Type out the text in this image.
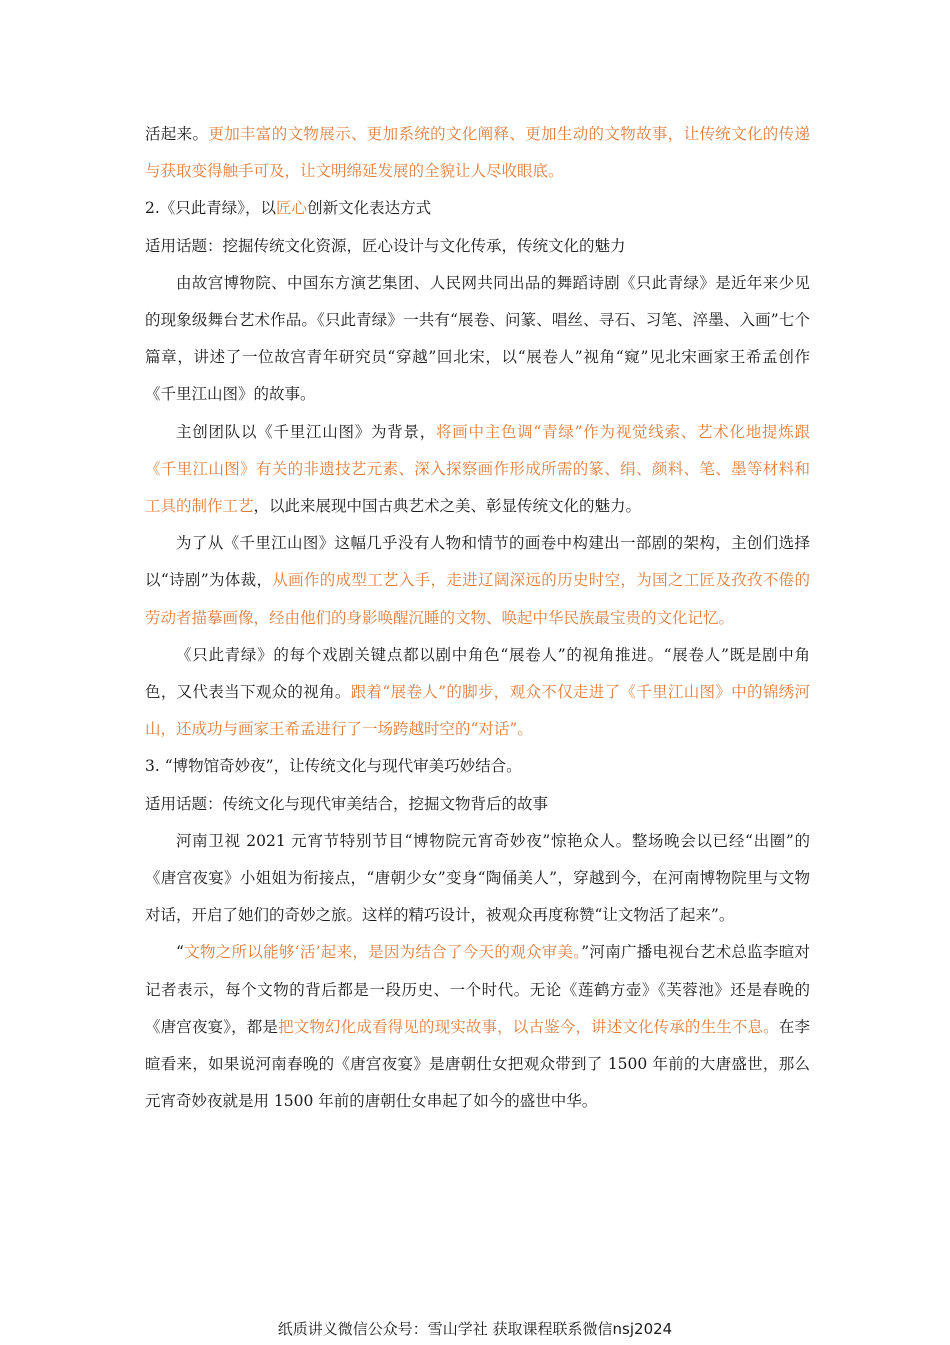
活起来。更加丰富的文物展示、更加系统的文化阐释、更加生动的文物故事，让传统文化的传递与获取变得触手可及，让文明绵延发展的全貌让人尽收眼底。

2.《只此青绿》，以匠心创新文化表达方式

适用话题：挖掘传统文化资源，匠心设计与文化传承，传统文化的魅力

由故宫博物院、中国东方演艺集团、人民网共同出品的舞蹈诗剧《只此青绿》是近年来少见的现象级舞台艺术作品。《只此青绿》一共有“展卷、问篆、唱丝、寻石、习笔、淬墨、入画”七个篇章，讲述了一位故宫青年研究员“穿越”回北宋，以“展卷人”视角“窥”见北宋画家王希孟创作《千里江山图》的故事。

主创团队以《千里江山图》为背景，将画中主色调“青绿”作为视觉线索、艺术化地提炼跟《千里江山图》有关的非遗技艺元素、深入探察画作形成所需的篆、绢、颜料、笔、墨等材料和工具的制作工艺，以此来展现中国古典艺术之美、彰显传统文化的魅力。

为了从《千里江山图》这幅几乎没有人物和情节的画卷中构建出一部剧的架构，主创们选择以“诗剧”为体裁，从画作的成型工艺入手，走进辽阔深远的历史时空，为国之工匠及孜孜不倦的劳动者描摹画像，经由他们的身影唤醒沉睡的文物、唤起中华民族最宝贵的文化记忆。

《只此青绿》的每个戏剧关键点都以剧中角色“展卷人”的视角推进。“展卷人”既是剧中角色，又代表当下观众的视角。跟着“展卷人”的脚步，观众不仅走进了《千里江山图》中的锦绣河山，还成功与画家王希孟进行了一场跨越时空的“对话”。

3. “博物馆奇妙夜”，让传统文化与现代审美巧妙结合。

适用话题：传统文化与现代审美结合，挖掘文物背后的故事

河南卫视 2021 元宵节特别节目“博物院元宵奇妙夜”惊艳众人。整场晚会以已经“出圈”的《唐宫夜宴》小姐姐为衔接点，“唐朝少女”变身“陶俑美人”，穿越到今，在河南博物院里与文物对话，开启了她们的奇妙之旅。这样的精巧设计，被观众再度称赞“让文物活了起来”。

“文物之所以能够‘活’起来，是因为结合了今天的观众审美。”河南广播电视台艺术总监李暄对记者表示，每个文物的背后都是一段历史、一个时代。无论《莲鹤方壶》《芙蓉池》还是春晚的《唐宫夜宴》，都是把文物幻化成看得见的现实故事，以古鉴今，讲述文化传承的生生不息。在李暄看来，如果说河南春晚的《唐宫夜宴》是唐朝仕女把观众带到了 1500 年前的大唐盛世，那么元宵奇妙夜就是用 1500 年前的唐朝仕女串起了如今的盛世中华。

纸质讲义微信公众号：雪山学社 获取课程联系微信nsj2024
